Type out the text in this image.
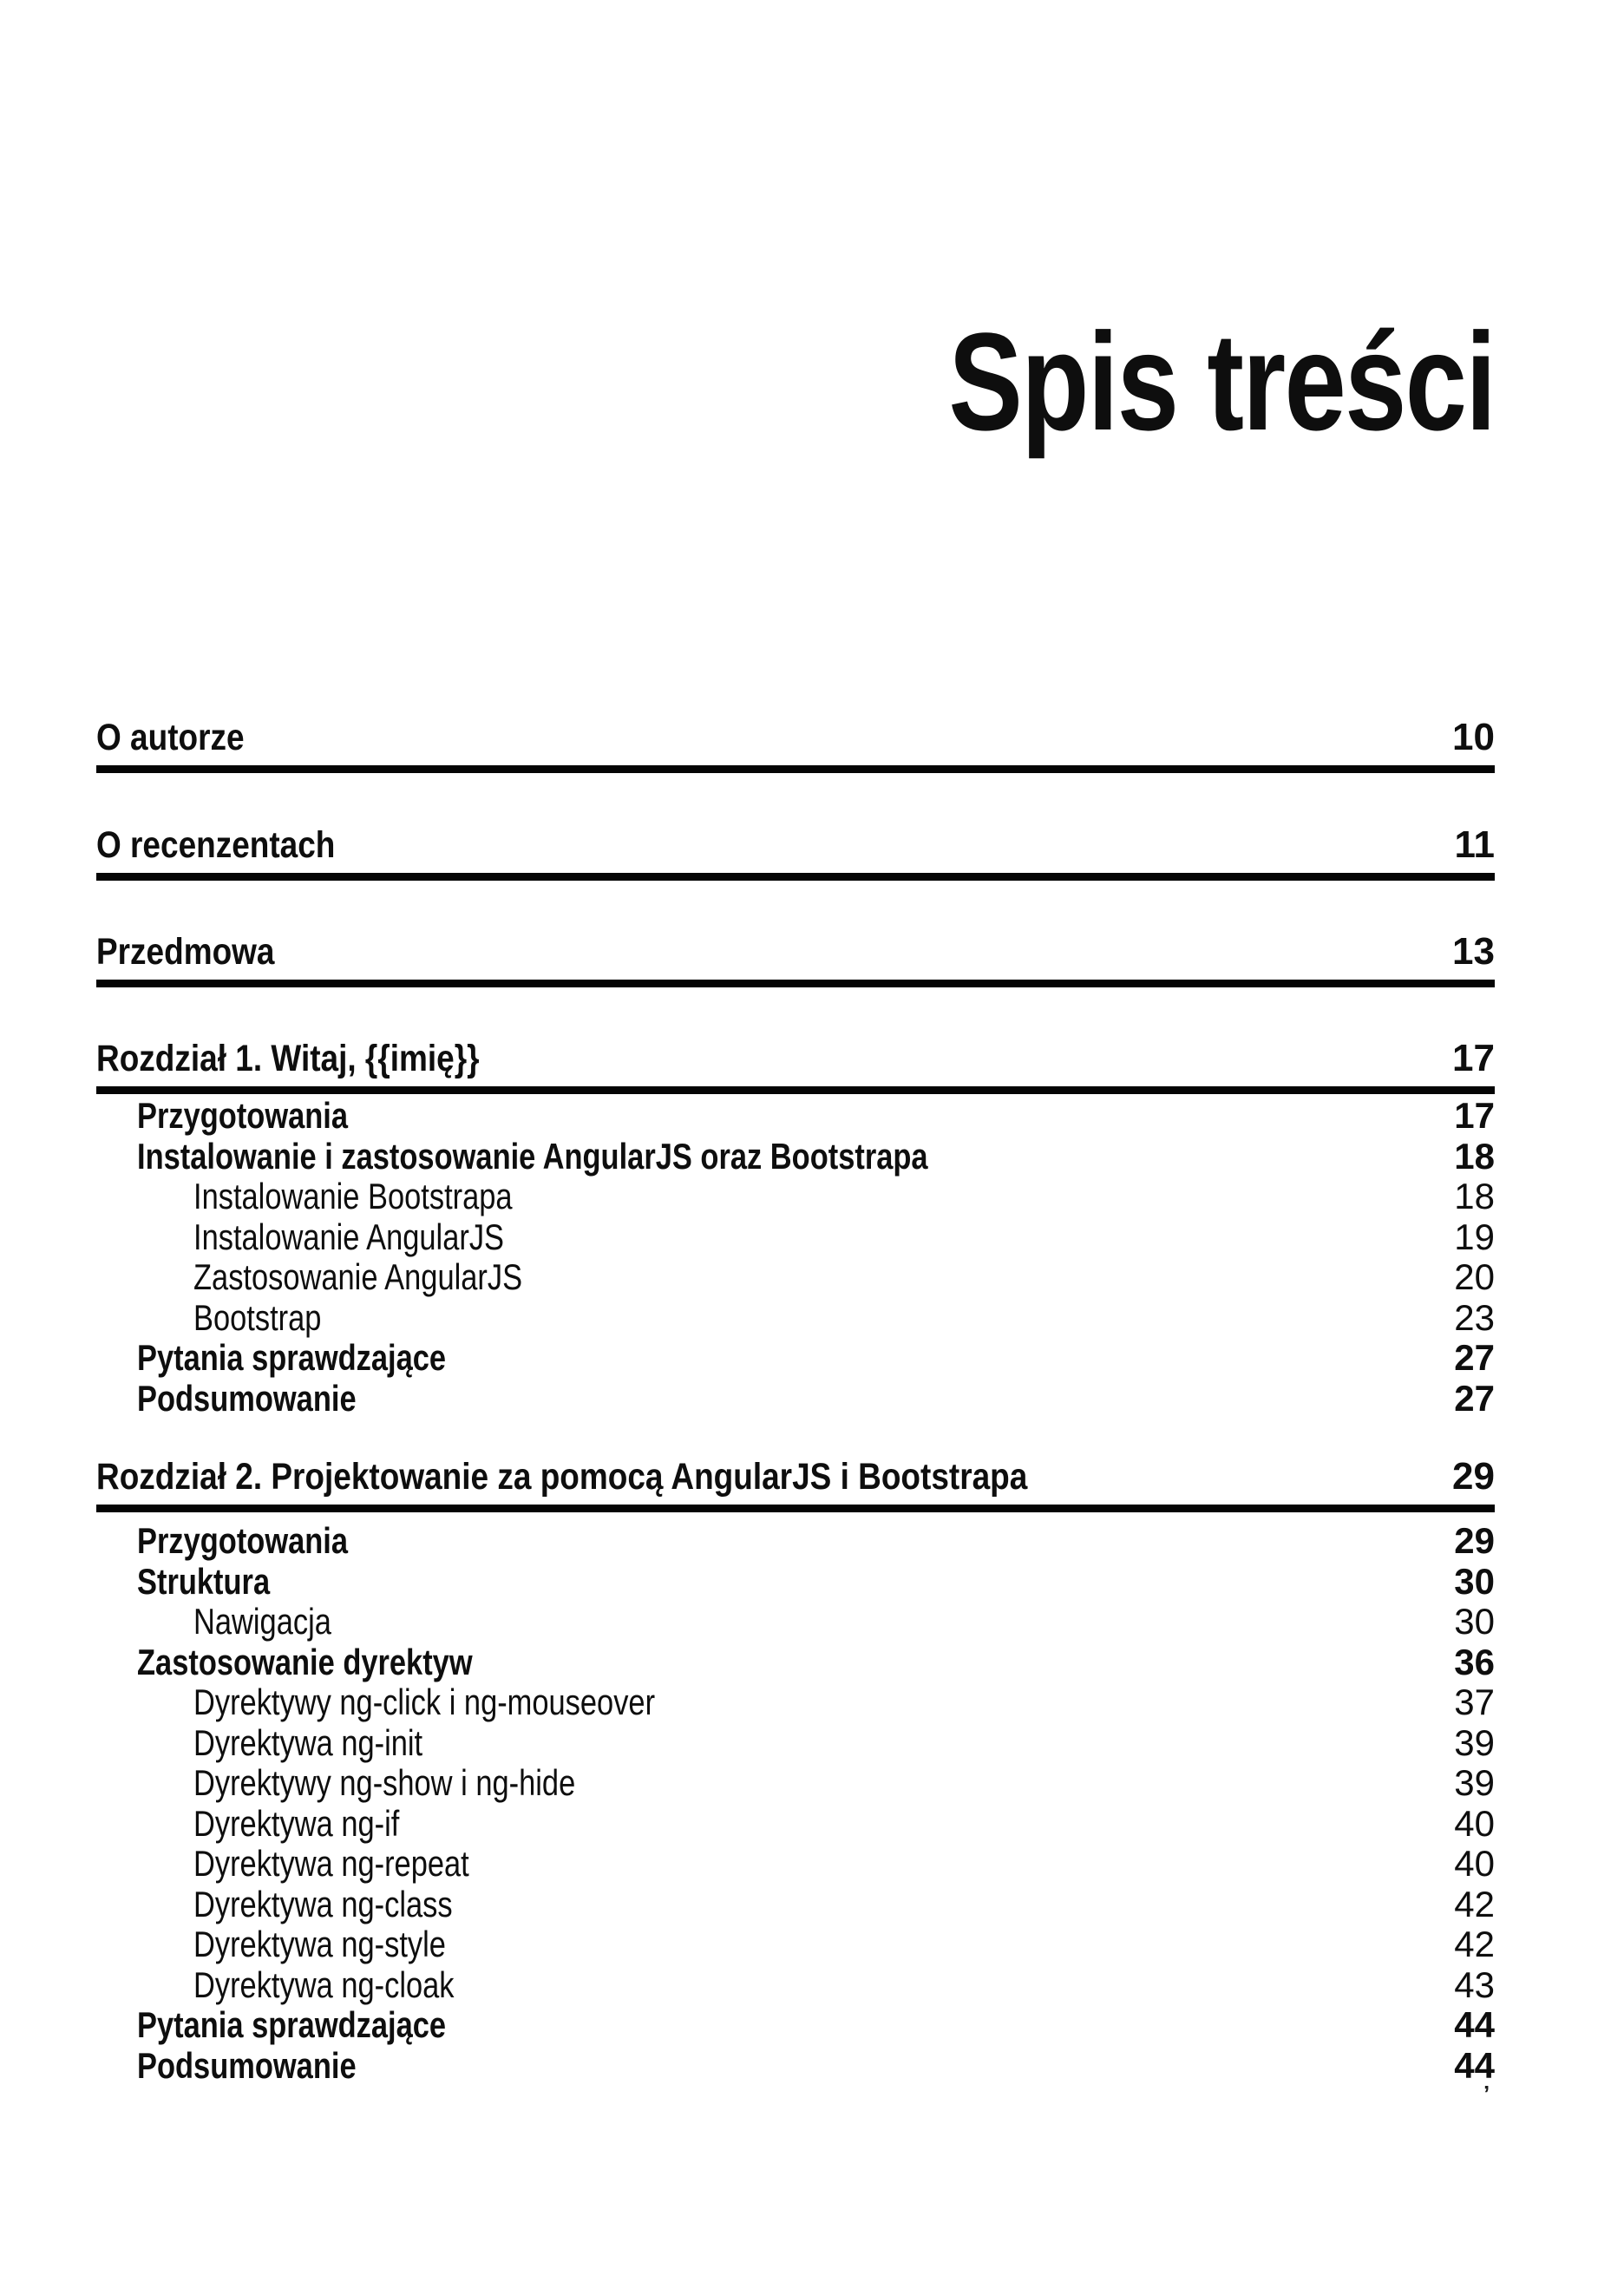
Spis treści
O autorze	10
O recenzentach	11
Przedmowa	13
Rozdział 1. Witaj, {{imię}}	17
Przygotowania	17
Instalowanie i zastosowanie AngularJS oraz Bootstrapa	18
Instalowanie Bootstrapa	18
Instalowanie AngularJS	19
Zastosowanie AngularJS	20
Bootstrap	23
Pytania sprawdzające	27
Podsumowanie	27
Rozdział 2. Projektowanie za pomocą AngularJS i Bootstrapa	29
Przygotowania	29
Struktura	30
Nawigacja	30
Zastosowanie dyrektyw	36
Dyrektywy ng-click i ng-mouseover	37
Dyrektywa ng-init	39
Dyrektywy ng-show i ng-hide	39
Dyrektywa ng-if	40
Dyrektywa ng-repeat	40
Dyrektywa ng-class	42
Dyrektywa ng-style	42
Dyrektywa ng-cloak	43
Pytania sprawdzające	44
Podsumowanie	44
’
